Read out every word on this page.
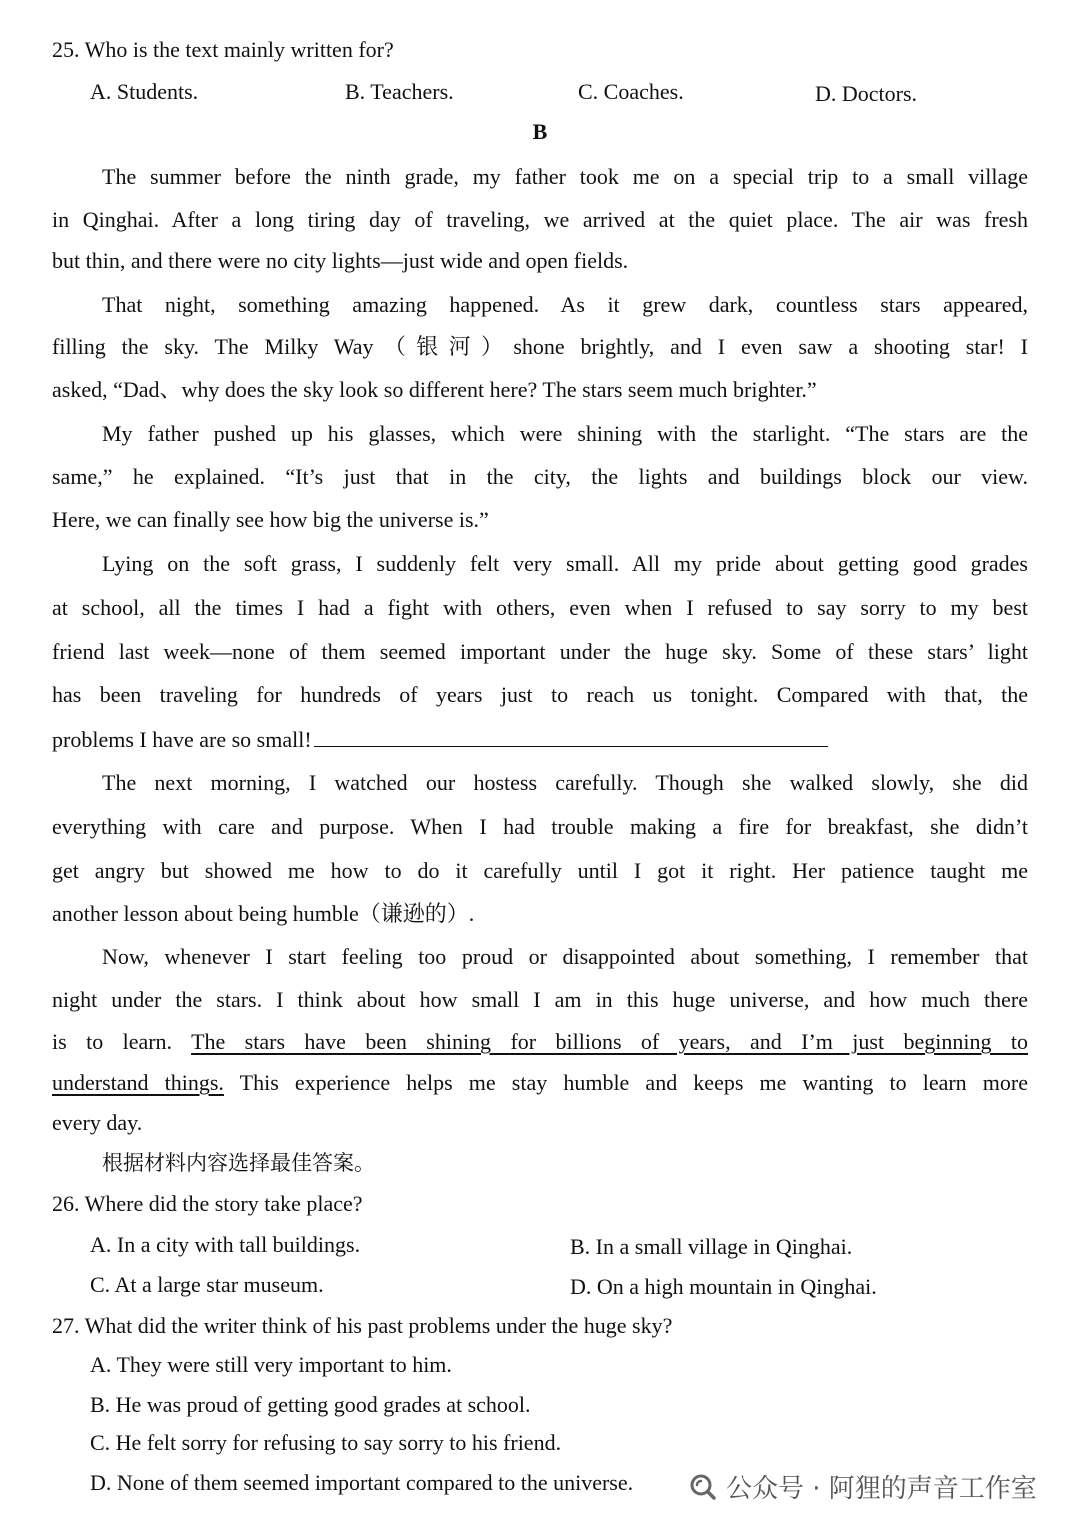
25. Who is the text mainly written for?
A. Students.	B. Teachers.	C. Coaches.	D. Doctors.
B
The summer before the ninth grade, my father took me on a special trip to a small village
in Qinghai. After a long tiring day of traveling, we arrived at the quiet place. The air was fresh
but thin, and there were no city lights—just wide and open fields.
That night, something amazing happened. As it grew dark, countless stars appeared,
filling the sky. The Milky Way（银河）shone brightly, and I even saw a shooting star! I
asked, “Dad、why does the sky look so different here? The stars seem much brighter.”
My father pushed up his glasses, which were shining with the starlight. “The stars are the
same,” he explained. “It’s just that in the city, the lights and buildings block our view.
Here, we can finally see how big the universe is.”
Lying on the soft grass, I suddenly felt very small. All my pride about getting good grades
at school, all the times I had a fight with others, even when I refused to say sorry to my best
friend last week—none of them seemed important under the huge sky. Some of these stars’ light
has been traveling for hundreds of years just to reach us tonight. Compared with that, the
problems I have are so small!
The next morning, I watched our hostess carefully. Though she walked slowly, she did
everything with care and purpose. When I had trouble making a fire for breakfast, she didn’t
get angry but showed me how to do it carefully until I got it right. Her patience taught me
another lesson about being humble（谦逊的）.
Now, whenever I start feeling too proud or disappointed about something, I remember that
night under the stars. I think about how small I am in this huge universe, and how much there
is to learn. The stars have been shining for billions of years, and I’m just beginning to
understand things. This experience helps me stay humble and keeps me wanting to learn more
every day.
根据材料内容选择最佳答案。
26. Where did the story take place?
A. In a city with tall buildings.	B. In a small village in Qinghai.
C. At a large star museum.	D. On a high mountain in Qinghai.
27. What did the writer think of his past problems under the huge sky?
A. They were still very important to him.
B. He was proud of getting good grades at school.
C. He felt sorry for refusing to say sorry to his friend.
D. None of them seemed important compared to the universe.	公众号 · 阿狸的声音工作室
